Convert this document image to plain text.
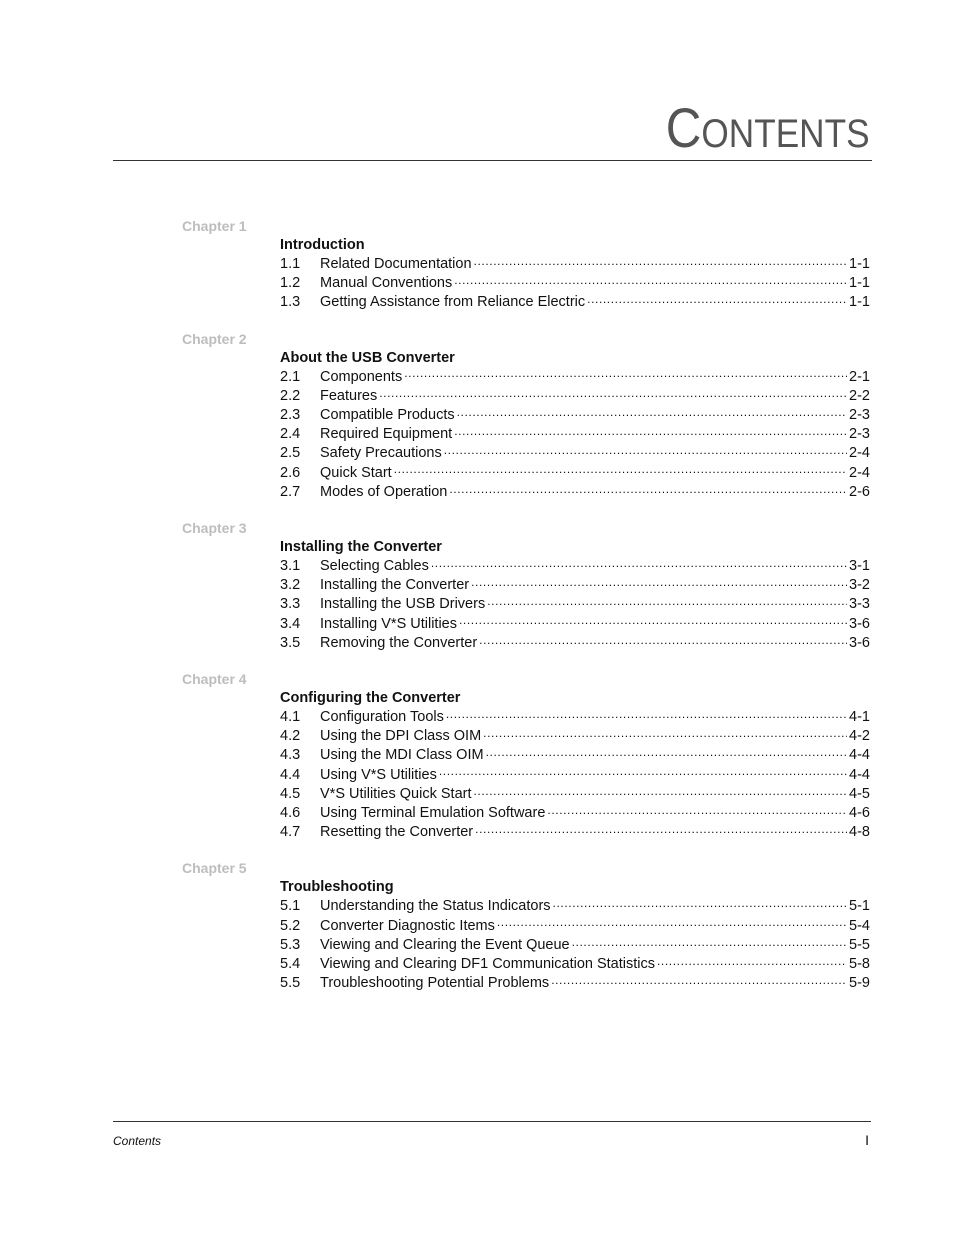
CONTENTS
Chapter 1
Introduction
1.1	Related Documentation .....	1-1
1.2	Manual Conventions .....	1-1
1.3	Getting Assistance from Reliance Electric .....	1-1
Chapter 2
About the USB Converter
2.1	Components .....	2-1
2.2	Features .....	2-2
2.3	Compatible Products .....	2-3
2.4	Required Equipment .....	2-3
2.5	Safety Precautions .....	2-4
2.6	Quick Start .....	2-4
2.7	Modes of Operation .....	2-6
Chapter 3
Installing the Converter
3.1	Selecting Cables .....	3-1
3.2	Installing the Converter .....	3-2
3.3	Installing the USB Drivers .....	3-3
3.4	Installing V*S Utilities .....	3-6
3.5	Removing the Converter .....	3-6
Chapter 4
Configuring the Converter
4.1	Configuration Tools .....	4-1
4.2	Using the DPI Class OIM .....	4-2
4.3	Using the MDI Class OIM .....	4-4
4.4	Using V*S Utilities .....	4-4
4.5	V*S Utilities Quick Start .....	4-5
4.6	Using Terminal Emulation Software .....	4-6
4.7	Resetting the Converter .....	4-8
Chapter 5
Troubleshooting
5.1	Understanding the Status Indicators .....	5-1
5.2	Converter Diagnostic Items .....	5-4
5.3	Viewing and Clearing the Event Queue .....	5-5
5.4	Viewing and Clearing DF1 Communication Statistics .....	5-8
5.5	Troubleshooting Potential Problems .....	5-9
Contents	I
